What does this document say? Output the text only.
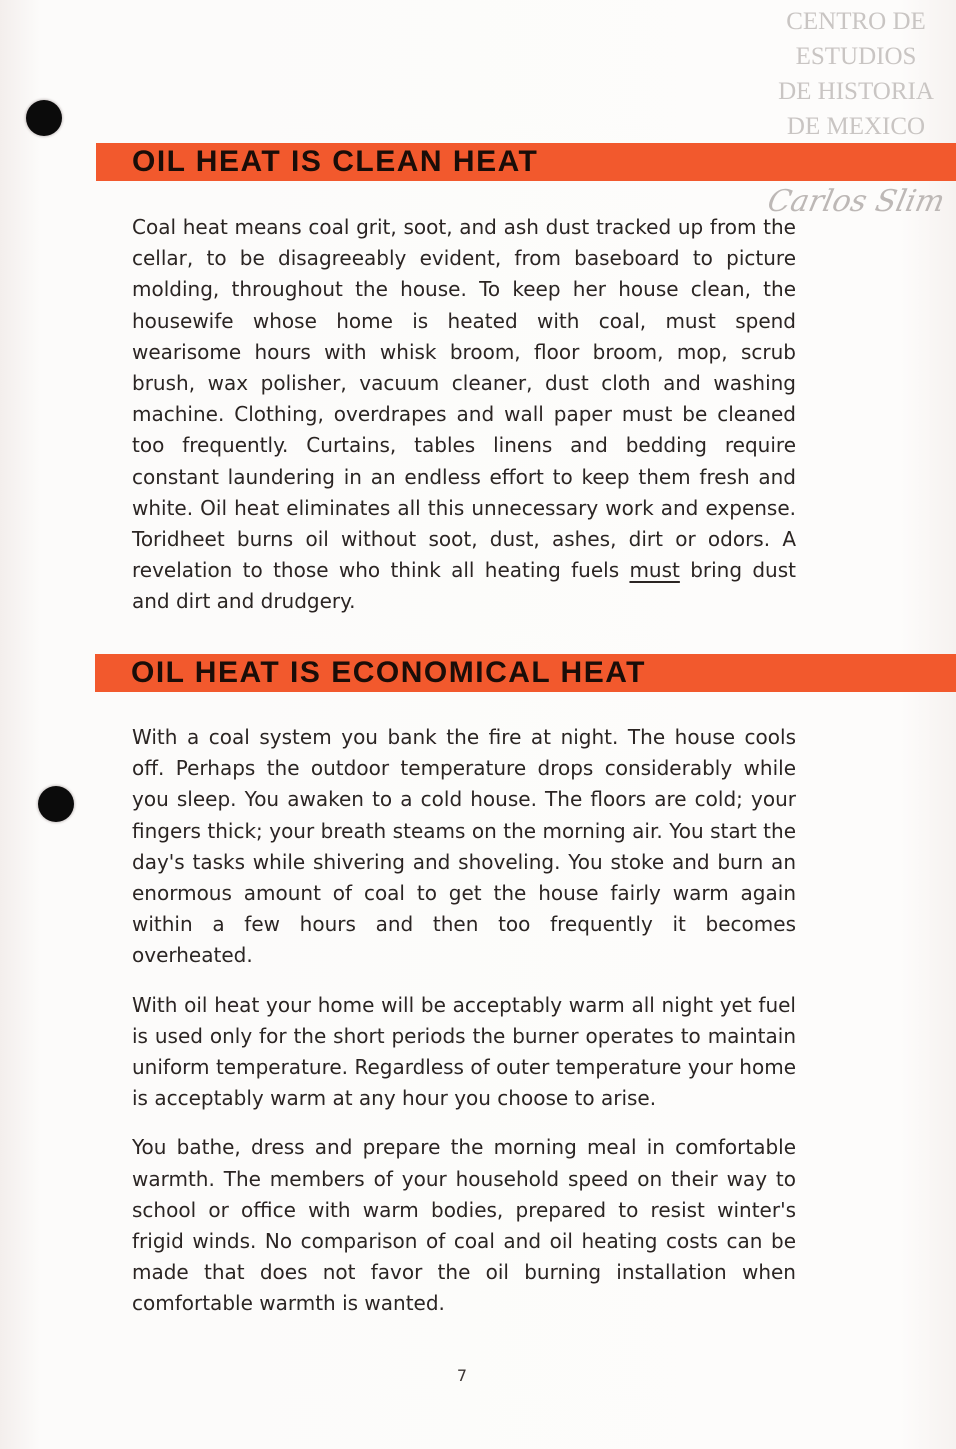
CENTRO DE
ESTUDIOS
DE HISTORIA
DE MEXICO
Carlos Slim
OIL HEAT IS CLEAN HEAT

Coal heat means coal grit, soot, and ash dust tracked up from the cellar, to be disagreeably evident, from baseboard to picture molding, throughout the house. To keep her house clean, the housewife whose home is heated with coal, must spend wearisome hours with whisk broom, floor broom, mop, scrub brush, wax polisher, vacuum cleaner, dust cloth and washing machine. Clothing, overdrapes and wall paper must be cleaned too frequently. Curtains, tables linens and bedding require constant laundering in an endless effort to keep them fresh and white. Oil heat eliminates all this unnecessary work and expense. Toridheet burns oil without soot, dust, ashes, dirt or odors. A revelation to those who think all heating fuels must bring dust and dirt and drudgery.

OIL HEAT IS ECONOMICAL HEAT

With a coal system you bank the fire at night. The house cools off. Perhaps the outdoor temperature drops considerably while you sleep. You awaken to a cold house. The floors are cold; your fingers thick; your breath steams on the morning air. You start the day's tasks while shivering and shoveling. You stoke and burn an enormous amount of coal to get the house fairly warm again within a few hours and then too frequently it becomes overheated.

With oil heat your home will be acceptably warm all night yet fuel is used only for the short periods the burner operates to maintain uniform temperature. Regardless of outer temperature your home is acceptably warm at any hour you choose to arise.

You bathe, dress and prepare the morning meal in comfortable warmth. The members of your household speed on their way to school or office with warm bodies, prepared to resist winter's frigid winds. No comparison of coal and oil heating costs can be made that does not favor the oil burning installation when comfortable warmth is wanted.

7
